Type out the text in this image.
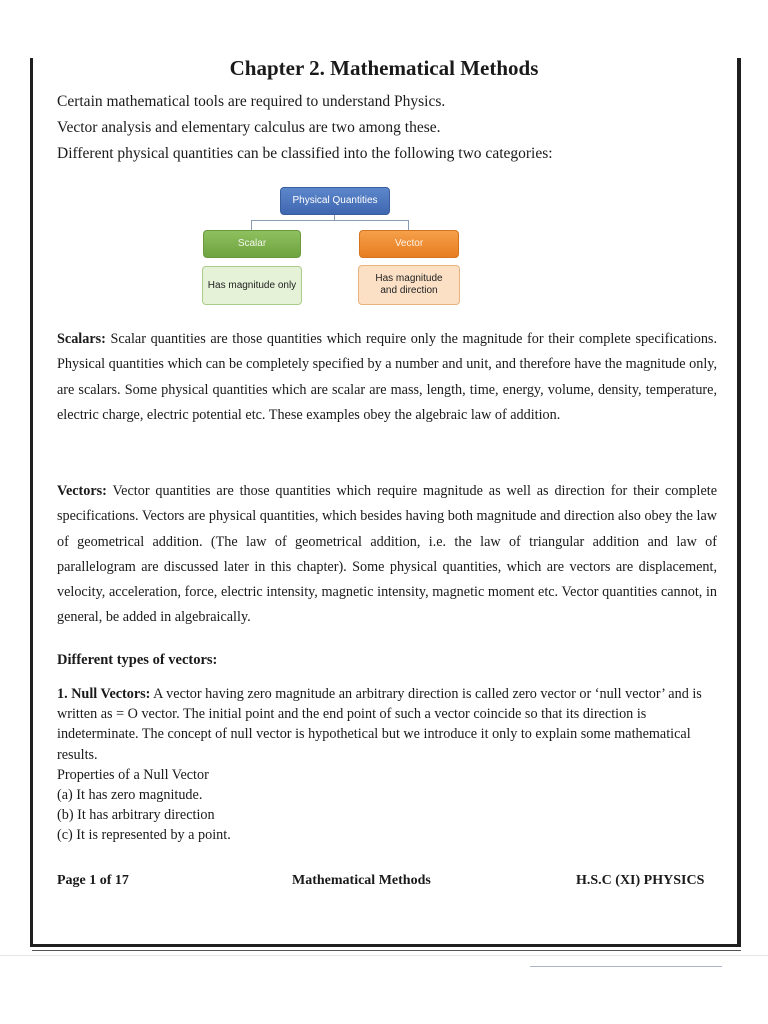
Chapter 2. Mathematical Methods

Certain mathematical tools are required to understand Physics.

Vector analysis and elementary calculus are two among these.

Different physical quantities can be classified into the following two categories:

Physical Quantities
Scalar	Vector
Has magnitude only
Has magnitude and direction

Scalars: Scalar quantities are those quantities which require only the magnitude for their complete specifications. Physical quantities which can be completely specified by a number and unit, and therefore have the magnitude only, are scalars. Some physical quantities which are scalar are mass, length, time, energy, volume, density, temperature, electric charge, electric potential etc. These examples obey the algebraic law of addition.

Vectors: Vector quantities are those quantities which require magnitude as well as direction for their complete specifications. Vectors are physical quantities, which besides having both magnitude and direction also obey the law of geometrical addition. (The law of geometrical addition, i.e. the law of triangular addition and law of parallelogram are discussed later in this chapter). Some physical quantities, which are vectors are displacement, velocity, acceleration, force, electric intensity, magnetic intensity, magnetic moment etc. Vector quantities cannot, in general, be added in algebraically.

Different types of vectors:

1. Null Vectors: A vector having zero magnitude an arbitrary direction is called zero vector or ‘null vector’ and is written as = O vector. The initial point and the end point of such a vector coincide so that its direction is indeterminate. The concept of null vector is hypothetical but we introduce it only to explain some mathematical results.

Properties of a Null Vector

(a) It has zero magnitude.

(b) It has arbitrary direction

(c) It is represented by a point.

Page 1 of 17	Mathematical Methods	H.S.C (XI) PHYSICS
